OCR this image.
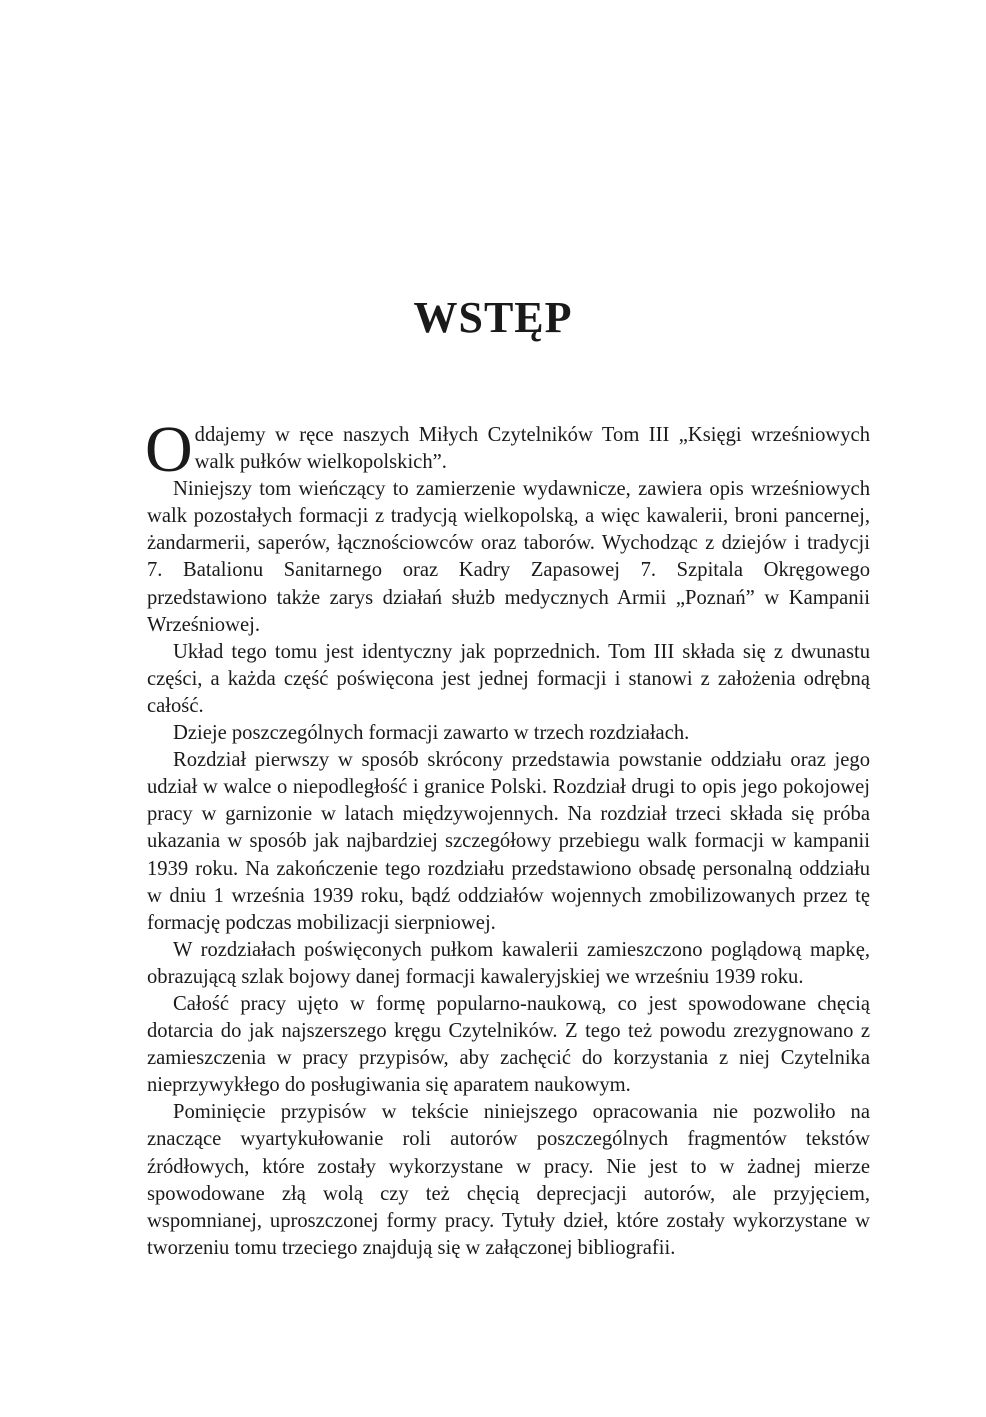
WSTĘP

Oddajemy w ręce naszych Miłych Czytelników Tom III „Księgi wrześniowych walk pułków wielkopolskich”.

Niniejszy tom wieńczący to zamierzenie wydawnicze, zawiera opis wrześniowych walk pozostałych formacji z tradycją wielkopolską, a więc kawalerii, broni pancernej, żandarmerii, saperów, łącznościowców oraz taborów. Wychodząc z dziejów i tradycji 7. Batalionu Sanitarnego oraz Kadry Zapasowej 7. Szpitala Okręgowego przedstawiono także zarys działań służb medycznych Armii „Poznań” w Kampanii Wrześniowej.

Układ tego tomu jest identyczny jak poprzednich. Tom III składa się z dwunastu części, a każda część poświęcona jest jednej formacji i stanowi z założenia odrębną całość.

Dzieje poszczególnych formacji zawarto w trzech rozdziałach.

Rozdział pierwszy w sposób skrócony przedstawia powstanie oddziału oraz jego udział w walce o niepodległość i granice Polski. Rozdział drugi to opis jego pokojowej pracy w garnizonie w latach międzywojennych. Na rozdział trzeci składa się próba ukazania w sposób jak najbardziej szczegółowy przebiegu walk formacji w kampanii 1939 roku. Na zakończenie tego rozdziału przedstawiono obsadę personalną oddziału w dniu 1 września 1939 roku, bądź oddziałów wojennych zmobilizowanych przez tę formację podczas mobilizacji sierpniowej.

W rozdziałach poświęconych pułkom kawalerii zamieszczono poglądową mapkę, obrazującą szlak bojowy danej formacji kawaleryjskiej we wrześniu 1939 roku.

Całość pracy ujęto w formę popularno-naukową, co jest spowodowane chęcią dotarcia do jak najszerszego kręgu Czytelników. Z tego też powodu zrezygnowano z zamieszczenia w pracy przypisów, aby zachęcić do korzystania z niej Czytelnika nieprzywykłego do posługiwania się aparatem naukowym.

Pominięcie przypisów w tekście niniejszego opracowania nie pozwoliło na znaczące wyartykułowanie roli autorów poszczególnych fragmentów tekstów źródłowych, które zostały wykorzystane w pracy. Nie jest to w żadnej mierze spowodowane złą wolą czy też chęcią deprecjacji autorów, ale przyjęciem, wspomnianej, uproszczonej formy pracy. Tytuły dzieł, które zostały wykorzystane w tworzeniu tomu trzeciego znajdują się w załączonej bibliografii.
